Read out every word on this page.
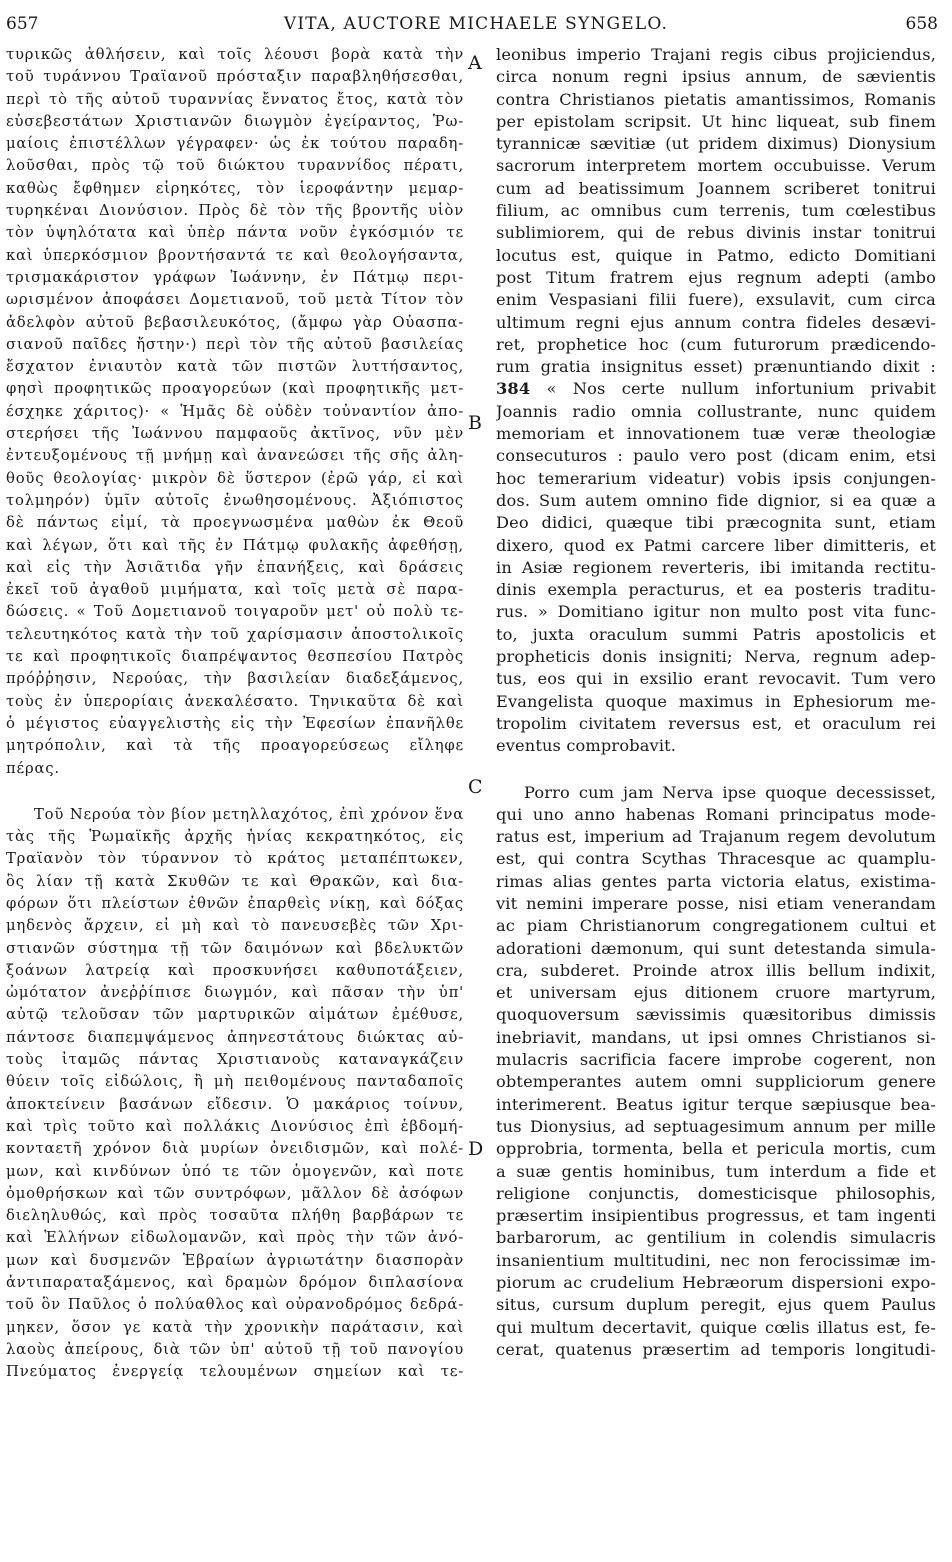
657	VITA, AUCTORE MICHAELE SYNGELO.	658
A
B
C
D
τυρικῶς ἀθλήσειν, καὶ τοῖς λέουσι βορὰ κατὰ τὴν
τοῦ τυράννου Τραϊανοῦ πρόσταξιν παραβληθήσεσθαι,
περὶ τὸ τῆς αὐτοῦ τυραννίας ἔννατος ἔτος, κατὰ τὸν
εὐσεβεστάτων Χριστιανῶν διωγμὸν ἐγείραντος, Ῥω-
μαίοις ἐπιστέλλων γέγραφεν· ὡς ἐκ τούτου παραδη-
λοῦσθαι, πρὸς τῷ τοῦ διώκτου τυραννίδος πέρατι,
καθὼς ἔφθημεν εἰρηκότες, τὸν ἱεροφάντην μεμαρ-
τυρηκέναι Διονύσιον. Πρὸς δὲ τὸν τῆς βροντῆς υἱὸν
τὸν ὑψηλότατα καὶ ὑπὲρ πάντα νοῦν ἐγκόσμιόν τε
καὶ ὑπερκόσμιον βροντήσαντά τε καὶ θεολογήσαντα,
τρισμακάριστον γράφων Ἰωάννην, ἐν Πάτμῳ περι-
ωρισμένον ἀποφάσει Δομετιανοῦ, τοῦ μετὰ Τίτον τὸν
ἀδελφὸν αὐτοῦ βεβασιλευκότος, (ἄμφω γὰρ Οὐασπα-
σιανοῦ παῖδες ἤστην·) περὶ τὸν τῆς αὐτοῦ βασιλείας
ἔσχατον ἐνιαυτὸν κατὰ τῶν πιστῶν λυττήσαντος,
φησὶ προφητικῶς προαγορεύων (καὶ προφητικῆς μετ-
έσχηκε χάριτος)· « Ἡμᾶς δὲ οὐδὲν τοὐναντίον ἀπο-
στερήσει τῆς Ἰωάννου παμφαοῦς ἀκτῖνος, νῦν μὲν
ἐντευξομένους τῇ μνήμῃ καὶ ἀνανεώσει τῆς σῆς ἀλη-
θοῦς θεολογίας· μικρὸν δὲ ὕστερον (ἐρῶ γάρ, εἰ καὶ
τολμηρόν) ὑμῖν αὐτοῖς ἑνωθησομένους. Ἀξιόπιστος
δὲ πάντως εἰμί, τὰ προεγνωσμένα μαθὼν ἐκ Θεοῦ
καὶ λέγων, ὅτι καὶ τῆς ἐν Πάτμῳ φυλακῆς ἀφεθήσῃ,
καὶ εἰς τὴν Ἀσιᾶτιδα γῆν ἐπανήξεις, καὶ δράσεις
ἐκεῖ τοῦ ἀγαθοῦ μιμήματα, καὶ τοῖς μετὰ σὲ παρα-
δώσεις. « Τοῦ Δομετιανοῦ τοιγαροῦν μετ' οὐ πολὺ τε-
τελευτηκότος κατὰ τὴν τοῦ χαρίσμασιν ἀποστολικοῖς
τε καὶ προφητικοῖς διαπρέψαντος θεσπεσίου Πατρὸς
πρόῤῥησιν, Νερούας, τὴν βασιλείαν διαδεξάμενος,
τοὺς ἐν ὑπερορίαις ἀνεκαλέσατο. Τηνικαῦτα δὲ καὶ
ὁ μέγιστος εὐαγγελιστὴς εἰς τὴν Ἐφεσίων ἐπανῆλθε
μητρόπολιν, καὶ τὰ τῆς προαγορεύσεως εἴληφε
πέρας.
Τοῦ Νερούα τὸν βίον μετηλλαχότος, ἐπὶ χρόνον ἕνα
τὰς τῆς Ῥωμαϊκῆς ἀρχῆς ἡνίας κεκρατηκότος, εἰς
Τραϊανὸν τὸν τύραννον τὸ κράτος μεταπέπτωκεν,
ὃς λίαν τῇ κατὰ Σκυθῶν τε καὶ Θρακῶν, καὶ δια-
φόρων ὅτι πλείστων ἐθνῶν ἐπαρθεὶς νίκῃ, καὶ δόξας
μηδενὸς ἄρχειν, εἰ μὴ καὶ τὸ πανευσεβὲς τῶν Χρι-
στιανῶν σύστημα τῇ τῶν δαιμόνων καὶ βδελυκτῶν
ξοάνων λατρείᾳ καὶ προσκυνήσει καθυποτάξειεν,
ὠμότατον ἀνεῤῥίπισε διωγμόν, καὶ πᾶσαν τὴν ὑπ'
αὐτῷ τελοῦσαν τῶν μαρτυρικῶν αἱμάτων ἐμέθυσε,
πάντοσε διαπεμψάμενος ἀπηνεστάτους διώκτας αὐ-
τοὺς ἰταμῶς πάντας Χριστιανοὺς καταναγκάζειν
θύειν τοῖς εἰδώλοις, ἢ μὴ πειθομένους πανταδαποῖς
ἀποκτείνειν βασάνων εἴδεσιν. Ὁ μακάριος τοίνυν,
καὶ τρὶς τοῦτο καὶ πολλάκις Διονύσιος ἐπὶ ἑβδομή-
κονταετῆ χρόνον διὰ μυρίων ὀνειδισμῶν, καὶ πολέ-
μων, καὶ κινδύνων ὑπό τε τῶν ὁμογενῶν, καὶ ποτε
ὁμοθρήσκων καὶ τῶν συντρόφων, μᾶλλον δὲ ἀσόφων
διεληλυθώς, καὶ πρὸς τοσαῦτα πλήθη βαρβάρων τε
καὶ Ἑλλήνων εἰδωλομανῶν, καὶ πρὸς τὴν τῶν ἀνό-
μων καὶ δυσμενῶν Ἑβραίων ἀγριωτάτην διασπορὰν
ἀντιπαραταξάμενος, καὶ δραμὼν δρόμον διπλασίονα
τοῦ ὃν Παῦλος ὁ πολύαθλος καὶ οὐρανοδρόμος δεδρά-
μηκεν, ὅσον γε κατὰ τὴν χρονικὴν παράτασιν, καὶ
λαοὺς ἀπείρους, διὰ τῶν ὑπ' αὐτοῦ τῇ τοῦ πανογίου
Πνεύματος ἐνεργείᾳ τελουμένων σημείων καὶ τε-
leonibus imperio Trajani regis cibus projiciendus,
circa nonum regni ipsius annum, de sævientis
contra Christianos pietatis amantissimos, Romanis
per epistolam scripsit. Ut hinc liqueat, sub finem
tyrannicæ sævitiæ (ut pridem diximus) Dionysium
sacrorum interpretem mortem occubuisse. Verum
cum ad beatissimum Joannem scriberet tonitrui
filium, ac omnibus cum terrenis, tum cœlestibus
sublimiorem, qui de rebus divinis instar tonitrui
locutus est, quique in Patmo, edicto Domitiani
post Titum fratrem ejus regnum adepti (ambo
enim Vespasiani filii fuere), exsulavit, cum circa
ultimum regni ejus annum contra fideles desævi-
ret, prophetice hoc (cum futurorum prædicendo-
rum gratia insignitus esset) prænuntiando dixit :
384 « Nos certe nullum infortunium privabit
Joannis radio omnia collustrante, nunc quidem
memoriam et innovationem tuæ veræ theologiæ
consecuturos : paulo vero post (dicam enim, etsi
hoc temerarium videatur) vobis ipsis conjungen-
dos. Sum autem omnino fide dignior, si ea quæ a
Deo didici, quæque tibi præcognita sunt, etiam
dixero, quod ex Patmi carcere liber dimitteris, et
in Asiæ regionem reverteris, ibi imitanda rectitu-
dinis exempla peracturus, et ea posteris traditu-
rus. » Domitiano igitur non multo post vita func-
to, juxta oraculum summi Patris apostolicis et
propheticis donis insigniti; Nerva, regnum adep-
tus, eos qui in exsilio erant revocavit. Tum vero
Evangelista quoque maximus in Ephesiorum me-
tropolim civitatem reversus est, et oraculum rei
eventus comprobavit.
Porro cum jam Nerva ipse quoque decessisset,
qui uno anno habenas Romani principatus mode-
ratus est, imperium ad Trajanum regem devolutum
est, qui contra Scythas Thracesque ac quamplu-
rimas alias gentes parta victoria elatus, existima-
vit nemini imperare posse, nisi etiam venerandam
ac piam Christianorum congregationem cultui et
adorationi dæmonum, qui sunt detestanda simula-
cra, subderet. Proinde atrox illis bellum indixit,
et universam ejus ditionem cruore martyrum,
quoquoversum sævissimis quæsitoribus dimissis
inebriavit, mandans, ut ipsi omnes Christianos si-
mulacris sacrificia facere improbe cogerent, non
obtemperantes autem omni suppliciorum genere
interimerent. Beatus igitur terque sæpiusque bea-
tus Dionysius, ad septuagesimum annum per mille
opprobria, tormenta, bella et pericula mortis, cum
a suæ gentis hominibus, tum interdum a fide et
religione conjunctis, domesticisque philosophis,
præsertim insipientibus progressus, et tam ingenti
barbarorum, ac gentilium in colendis simulacris
insanientium multitudini, nec non ferocissimæ im-
piorum ac crudelium Hebræorum dispersioni expo-
situs, cursum duplum peregit, ejus quem Paulus
qui multum decertavit, quique cœlis illatus est, fe-
cerat, quatenus præsertim ad temporis longitudi-
